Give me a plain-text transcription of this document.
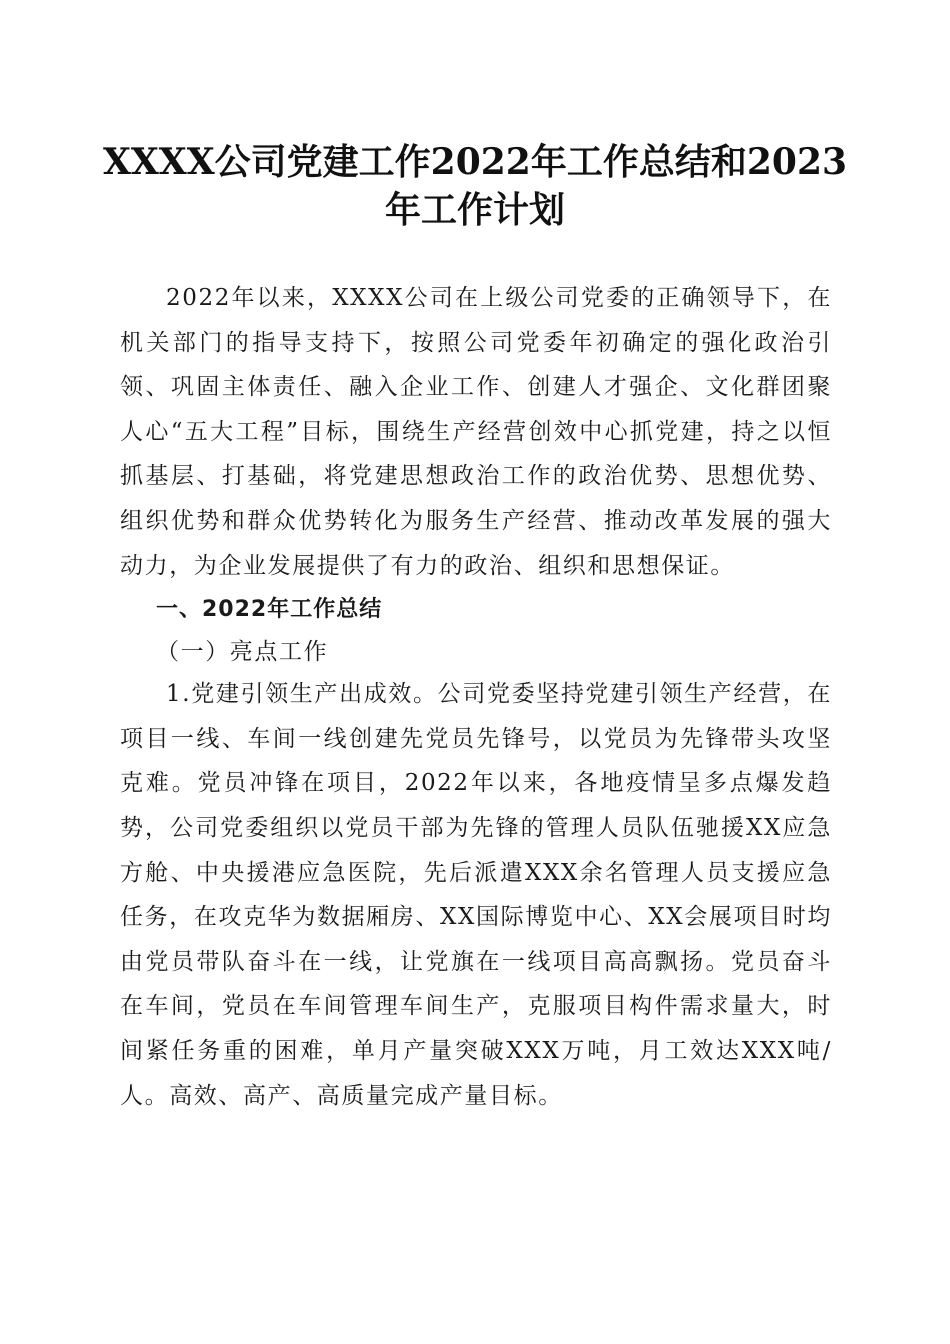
XXXX公司党建工作2022年工作总结和2023年工作计划

2022年以来，XXXX公司在上级公司党委的正确领导下，在机关部门的指导支持下，按照公司党委年初确定的强化政治引领、巩固主体责任、融入企业工作、创建人才强企、文化群团聚人心“五大工程”目标，围绕生产经营创效中心抓党建，持之以恒抓基层、打基础，将党建思想政治工作的政治优势、思想优势、组织优势和群众优势转化为服务生产经营、推动改革发展的强大动力，为企业发展提供了有力的政治、组织和思想保证。

一、2022年工作总结

（一）亮点工作

1.党建引领生产出成效。公司党委坚持党建引领生产经营，在项目一线、车间一线创建先党员先锋号，以党员为先锋带头攻坚克难。党员冲锋在项目，2022年以来，各地疫情呈多点爆发趋势，公司党委组织以党员干部为先锋的管理人员队伍驰援XX应急方舱、中央援港应急医院，先后派遣XXX余名管理人员支援应急任务，在攻克华为数据厢房、XX国际博览中心、XX会展项目时均由党员带队奋斗在一线，让党旗在一线项目高高飘扬。党员奋斗在车间，党员在车间管理车间生产，克服项目构件需求量大，时间紧任务重的困难，单月产量突破XXX万吨，月工效达XXX吨/人。高效、高产、高质量完成产量目标。
